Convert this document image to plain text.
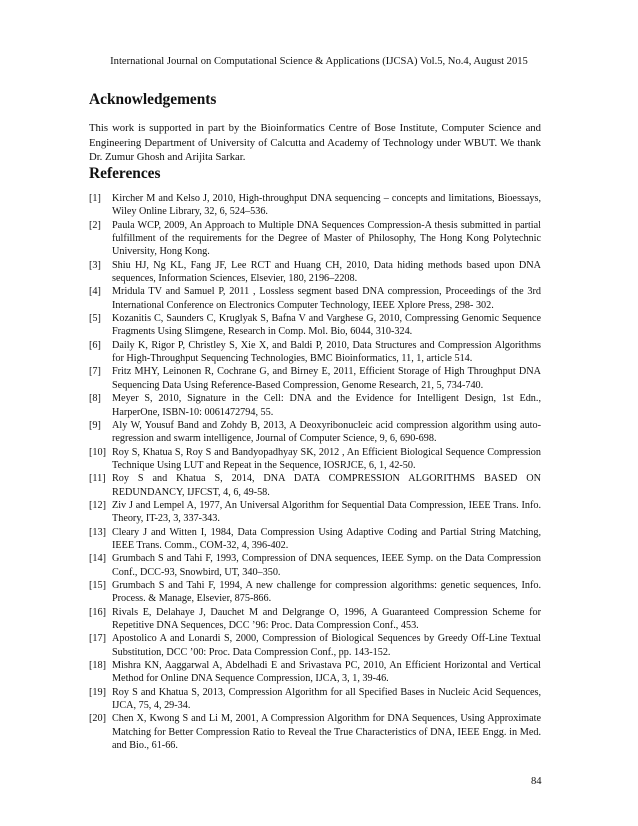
International Journal on Computational Science & Applications (IJCSA) Vol.5, No.4, August 2015
Acknowledgements

This work is supported in part by the Bioinformatics Centre of Bose Institute, Computer Science and Engineering Department of University of Calcutta and Academy of Technology under WBUT. We thank Dr. Zumur Ghosh and Arijita Sarkar.

References
[1] Kircher M and Kelso J, 2010, High-throughput DNA sequencing – concepts and limitations, Bioessays, Wiley Online Library, 32, 6, 524–536.
[2] Paula WCP, 2009, An Approach to Multiple DNA Sequences Compression-A thesis submitted in partial fulfillment of the requirements for the Degree of Master of Philosophy, The Hong Kong Polytechnic University, Hong Kong.
[3] Shiu HJ, Ng KL, Fang JF, Lee RCT and Huang CH, 2010, Data hiding methods based upon DNA sequences, Information Sciences, Elsevier, 180, 2196–2208.
[4] Mridula TV and Samuel P, 2011 , Lossless segment based DNA compression, Proceedings of the 3rd International Conference on Electronics Computer Technology, IEEE Xplore Press, 298- 302.
[5] Kozanitis C, Saunders C, Kruglyak S, Bafna V and Varghese G, 2010, Compressing Genomic Sequence Fragments Using Slimgene, Research in Comp. Mol. Bio, 6044, 310-324.
[6] Daily K, Rigor P, Christley S, Xie X, and Baldi P, 2010, Data Structures and Compression Algorithms for High-Throughput Sequencing Technologies, BMC Bioinformatics, 11, 1, article 514.
[7] Fritz MHY, Leinonen R, Cochrane G, and Birney E, 2011, Efficient Storage of High Throughput DNA Sequencing Data Using Reference-Based Compression, Genome Research, 21, 5, 734-740.
[8] Meyer S, 2010, Signature in the Cell: DNA and the Evidence for Intelligent Design, 1st Edn., HarperOne, ISBN-10: 0061472794, 55.
[9] Aly W, Yousuf Band and Zohdy B, 2013, A Deoxyribonucleic acid compression algorithm using auto-regression and swarm intelligence, Journal of Computer Science, 9, 6, 690-698.
[10] Roy S, Khatua S, Roy S and Bandyopadhyay SK, 2012 , An Efficient Biological Sequence Compression Technique Using LUT and Repeat in the Sequence, IOSRJCE, 6, 1, 42-50.
[11] Roy S and Khatua S, 2014, DNA DATA COMPRESSION ALGORITHMS BASED ON REDUNDANCY, IJFCST, 4, 6, 49-58.
[12] Ziv J and Lempel A, 1977, An Universal Algorithm for Sequential Data Compression, IEEE Trans. Info. Theory, IT-23, 3, 337-343.
[13] Cleary J and Witten I, 1984, Data Compression Using Adaptive Coding and Partial String Matching, IEEE Trans. Comm., COM-32, 4, 396-402.
[14] Grumbach S and Tahi F, 1993, Compression of DNA sequences, IEEE Symp. on the Data Compression Conf., DCC-93, Snowbird, UT, 340–350.
[15] Grumbach S and Tahi F, 1994, A new challenge for compression algorithms: genetic sequences, Info. Process. & Manage, Elsevier, 875-866.
[16] Rivals E, Delahaye J, Dauchet M and Delgrange O, 1996, A Guaranteed Compression Scheme for Repetitive DNA Sequences, DCC ’96: Proc. Data Compression Conf., 453.
[17] Apostolico A and Lonardi S, 2000, Compression of Biological Sequences by Greedy Off-Line Textual Substitution, DCC ’00: Proc. Data Compression Conf., pp. 143-152.
[18] Mishra KN, Aaggarwal A, Abdelhadi E and Srivastava PC, 2010, An Efficient Horizontal and Vertical Method for Online DNA Sequence Compression, IJCA, 3, 1, 39-46.
[19] Roy S and Khatua S, 2013, Compression Algorithm for all Specified Bases in Nucleic Acid Sequences, IJCA, 75, 4, 29-34.
[20] Chen X, Kwong S and Li M, 2001, A Compression Algorithm for DNA Sequences, Using Approximate Matching for Better Compression Ratio to Reveal the True Characteristics of DNA, IEEE Engg. in Med. and Bio., 61-66.
84
